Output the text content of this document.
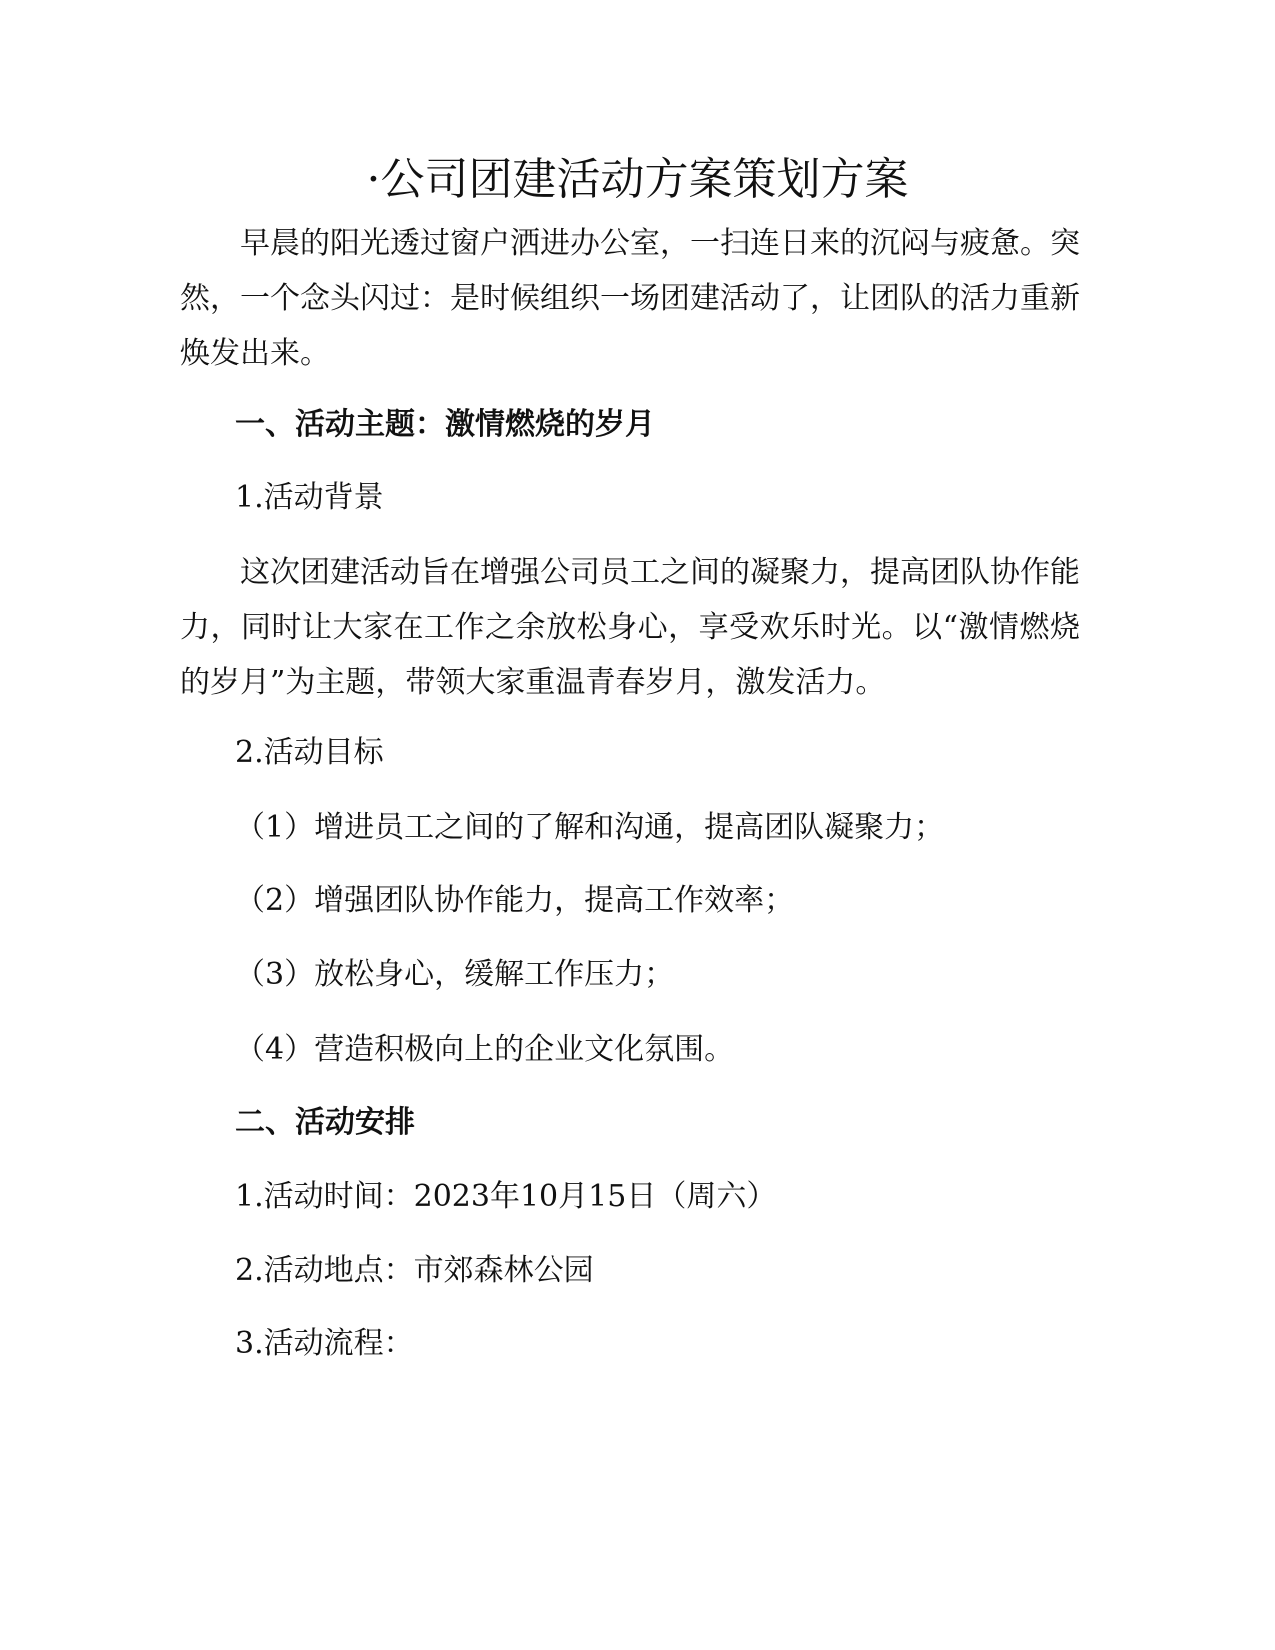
·公司团建活动方案策划方案
早晨的阳光透过窗户洒进办公室，一扫连日来的沉闷与疲惫。突然，一个念头闪过：是时候组织一场团建活动了，让团队的活力重新焕发出来。
一、活动主题：激情燃烧的岁月
1.活动背景
这次团建活动旨在增强公司员工之间的凝聚力，提高团队协作能力，同时让大家在工作之余放松身心，享受欢乐时光。以“激情燃烧的岁月”为主题，带领大家重温青春岁月，激发活力。
2.活动目标
（1）增进员工之间的了解和沟通，提高团队凝聚力；
（2）增强团队协作能力，提高工作效率；
（3）放松身心，缓解工作压力；
（4）营造积极向上的企业文化氛围。
二、活动安排
1.活动时间：2023年10月15日（周六）
2.活动地点：市郊森林公园
3.活动流程：
